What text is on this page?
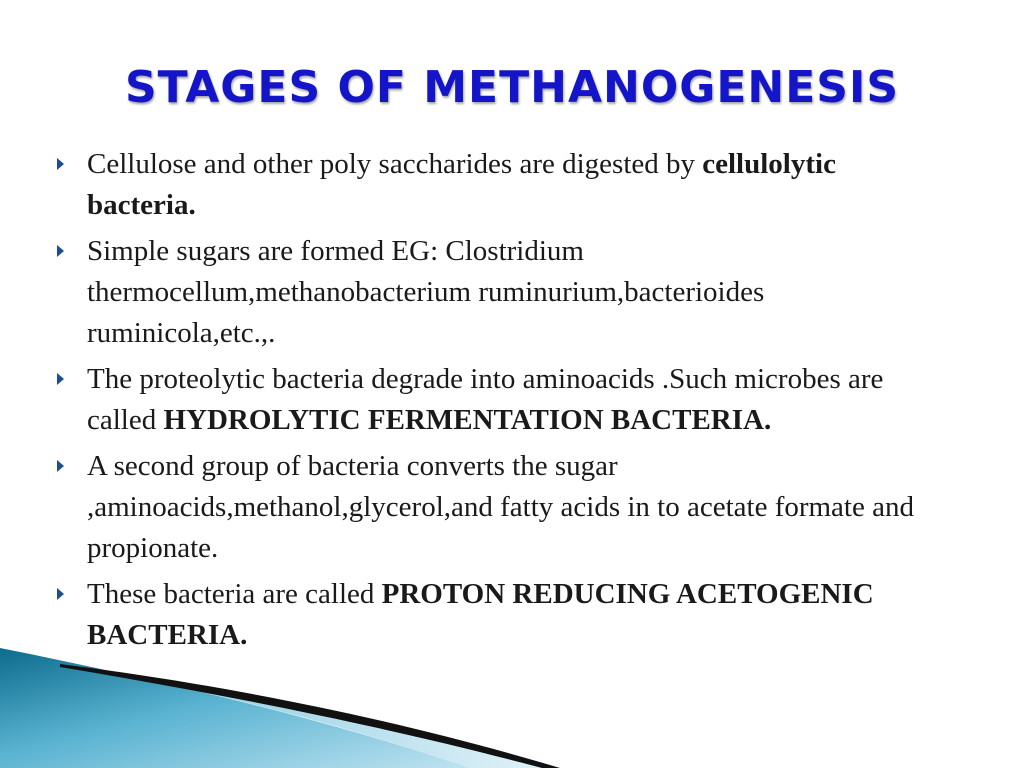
STAGES OF METHANOGENESIS
Cellulose and other poly saccharides are digested by cellulolytic bacteria.
Simple sugars are formed EG: Clostridium thermocellum,methanobacterium ruminurium,bacterioides ruminicola,etc.,.
The proteolytic bacteria degrade into aminoacids .Such microbes are called HYDROLYTIC FERMENTATION BACTERIA.
A second group of bacteria converts the sugar ,aminoacids,methanol,glycerol,and fatty acids in to acetate formate and propionate.
These bacteria are called PROTON REDUCING ACETOGENIC BACTERIA.
